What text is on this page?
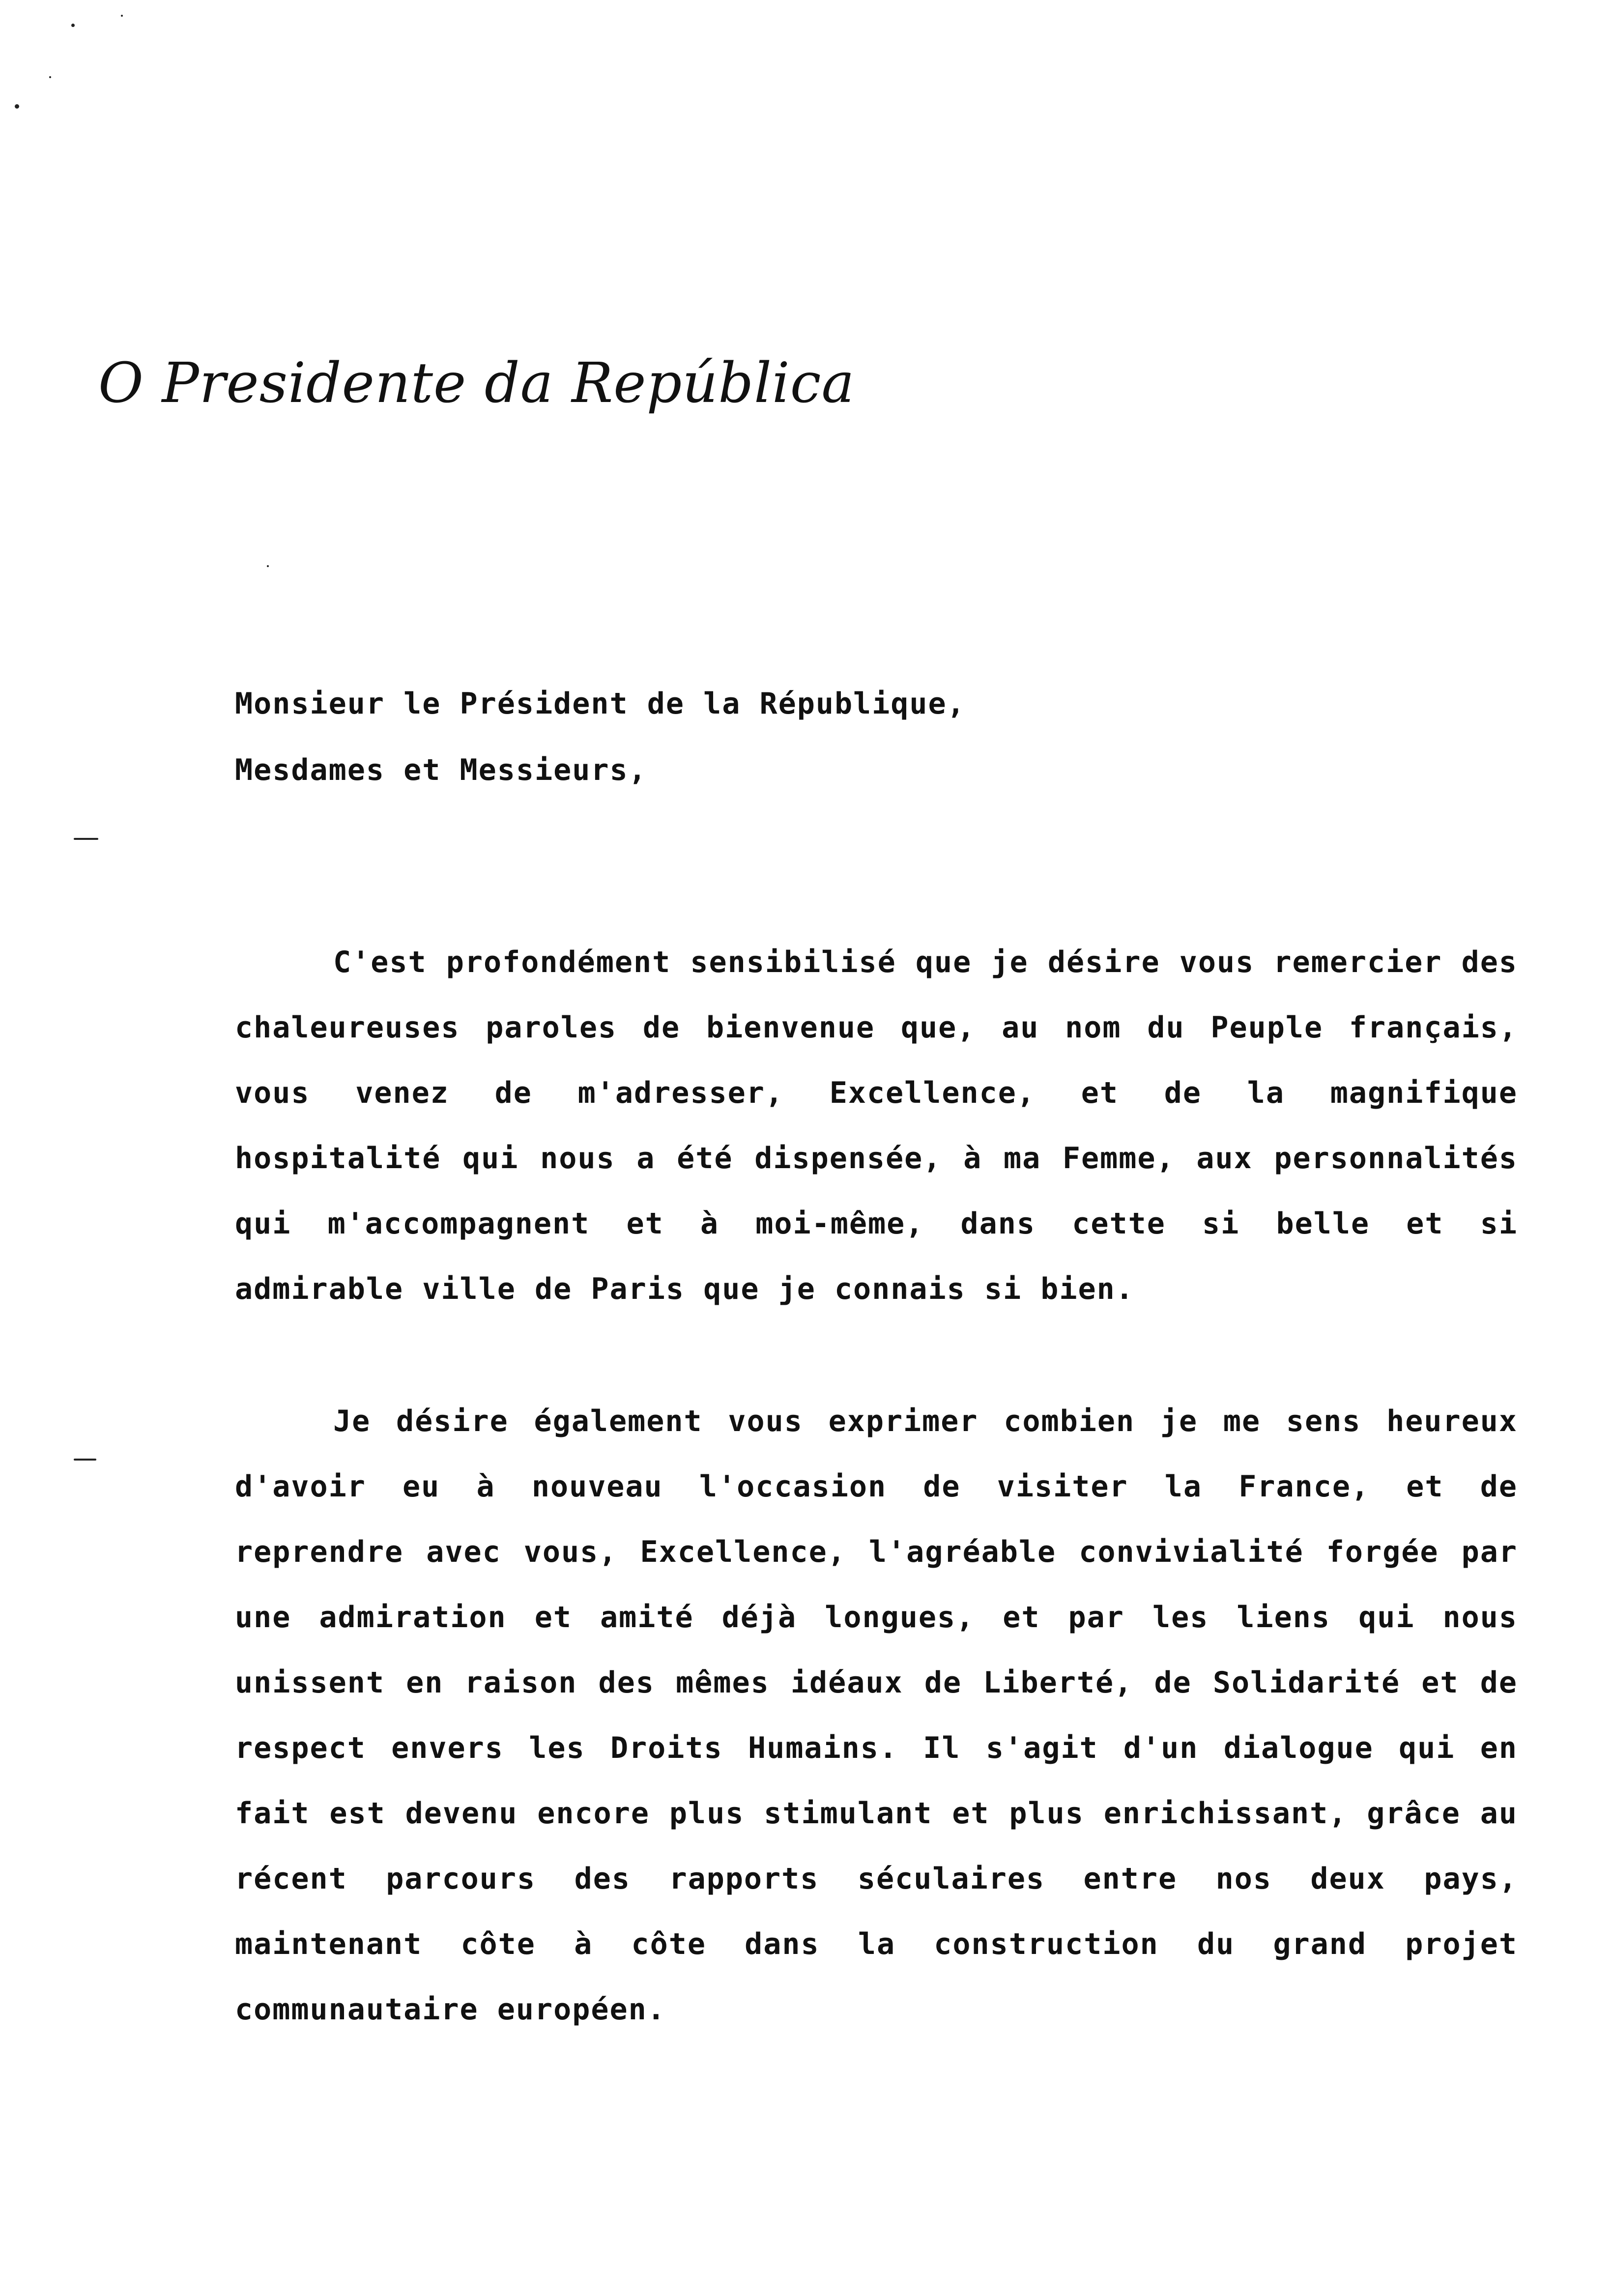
O Presidente da República
Monsieur le Président de la République,
Mesdames et Messieurs,

C'est profondément sensibilisé que je désire vous remercier des chaleureuses paroles de bienvenue que, au nom du Peuple français, vous venez de m'adresser, Excellence, et de la magnifique hospitalité qui nous a été dispensée, à ma Femme, aux personnalités qui m'accompagnent et à moi-même, dans cette si belle et si admirable ville de Paris que je connais si bien.

Je désire également vous exprimer combien je me sens heureux d'avoir eu à nouveau l'occasion de visiter la France, et de reprendre avec vous, Excellence, l'agréable convivialité forgée par une admiration et amité déjà longues, et par les liens qui nous unissent en raison des mêmes idéaux de Liberté, de Solidarité et de respect envers les Droits Humains. Il s'agit d'un dialogue qui en fait est devenu encore plus stimulant et plus enrichissant, grâce au récent parcours des rapports séculaires entre nos deux pays, maintenant côte à côte dans la construction du grand projet communautaire européen.
